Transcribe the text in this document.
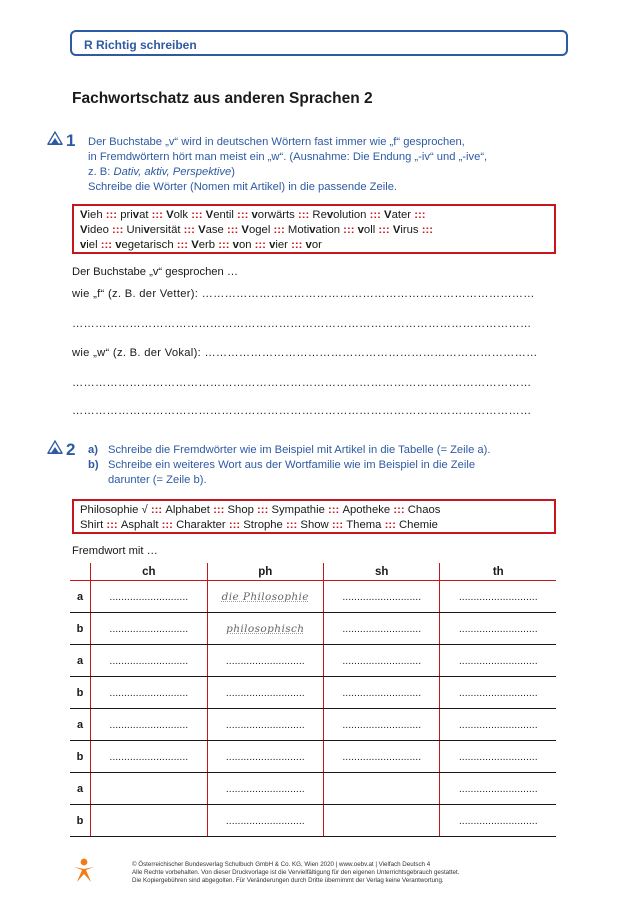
R Richtig schreiben
Fachwortschatz aus anderen Sprachen 2
1 Der Buchstabe „v“ wird in deutschen Wörtern fast immer wie „f“ gesprochen,
in Fremdwörtern hört man meist ein „w“. (Ausnahme: Die Endung „-iv“ und „-ive“,
z. B: Dativ, aktiv, Perspektive)
Schreibe die Wörter (Nomen mit Artikel) in die passende Zeile.
Vieh ::: privat ::: Volk ::: Ventil ::: vorwärts ::: Revolution ::: Vater :::
Video ::: Universität ::: Vase ::: Vogel ::: Motivation ::: voll ::: Virus :::
viel ::: vegetarisch ::: Verb ::: von ::: vier ::: vor
Der Buchstabe „v“ gesprochen …
wie „f“ (z. B. der Vetter): ……………………………………………………………………………
…………………………………………………………………………………………………………
wie „w“ (z. B. der Vokal): ……………………………………………………………………………
…………………………………………………………………………………………………………
…………………………………………………………………………………………………………
2 a) Schreibe die Fremdwörter wie im Beispiel mit Artikel in die Tabelle (= Zeile a).
b) Schreibe ein weiteres Wort aus der Wortfamilie wie im Beispiel in die Zeile
darunter (= Zeile b).
Philosophie √ ::: Alphabet ::: Shop ::: Sympathie ::: Apotheke ::: Chaos
Shirt ::: Asphalt ::: Charakter ::: Strophe ::: Show ::: Thema ::: Chemie
Fremdwort mit …
	ch	ph	sh	th
a	...........................	die Philosophie	...........................	...........................
b	...........................	philosophisch	...........................	...........................
a	...........................	...........................	...........................	...........................
b	...........................	...........................	...........................	...........................
a	...........................	...........................	...........................	...........................
b	...........................	...........................	...........................	...........................
a		...........................		...........................
b		...........................		...........................
© Österreichischer Bundesverlag Schulbuch GmbH & Co. KG, Wien 2020 | www.oebv.at | Vielfach Deutsch 4
Alle Rechte vorbehalten. Von dieser Druckvorlage ist die Vervielfältigung für den eigenen Unterrichtsgebrauch gestattet.
Die Kopiergebühren sind abgegolten. Für Veränderungen durch Dritte übernimmt der Verlag keine Verantwortung.
